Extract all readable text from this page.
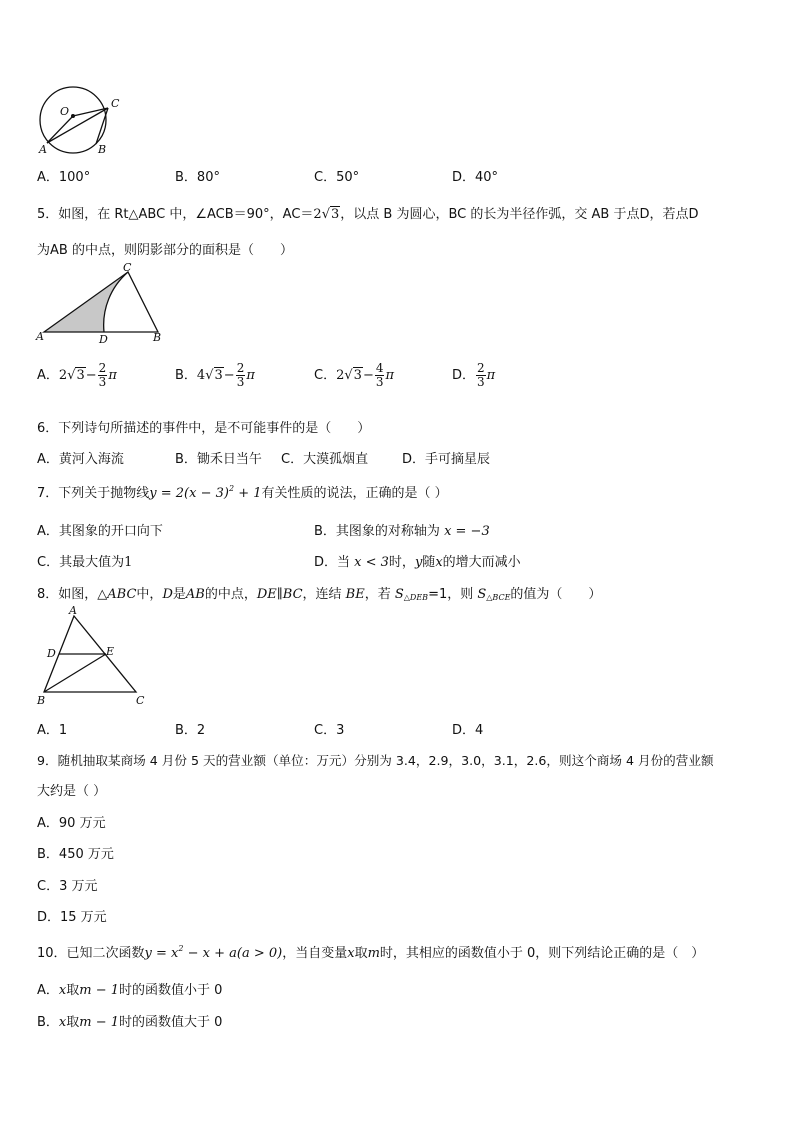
O
C
A	B
A．100°	B．80°	C．50°	D．40°
5．如图，在 Rt△ABC 中，∠ACB＝90°，AC＝2√3，以点 B 为圆心，BC 的长为半径作弧，交 AB 于点D，若点D
为AB 的中点，则阴影部分的面积是（　　）
C
A	D	B
A．$2√3- \frac{2}{3}$ π	B．$4√3- \frac{2}{3}$ π	C．$2√3- \frac{4}{3}$ π	D． $\frac{2}{3}$ π
6．下列诗句所描述的事件中，是不可能事件的是（　　）
A．黄河入海流	B．锄禾日当午 C．大漠孤烟直	D．手可摘星辰
7．下列关于抛物线$y = 2(x - 3)^2 + 1$有关性质的说法，正确的是（ ）
A．其图象的开口向下	B．其图象的对称轴为 x = −3
C．其最大值为1	D．当 x < 3时，y随x的增大而减小
8．如图，△ABC中，D是AB的中点，DE∥BC，连结 BE，若 $S_{\triangle DEB}=1$，则 $S_{\triangle BCE}$的值为（　　）
A
D	E
B	C
A．1	B．2	C．3	D．4
9．随机抽取某商场 4 月份 5 天的营业额（单位：万元）分别为 3.4，2.9，3.0，3.1，2.6，则这个商场 4 月份的营业额
大约是（ ）
A．90 万元
B．450 万元
C．3 万元
D．15 万元
10．已知二次函数$y = x^2 - x + a(a > 0)$，当自变量x取m时，其相应的函数值小于 0，则下列结论正确的是（　）
A．x取m − 1时的函数值小于 0
B．x取m − 1时的函数值大于 0
